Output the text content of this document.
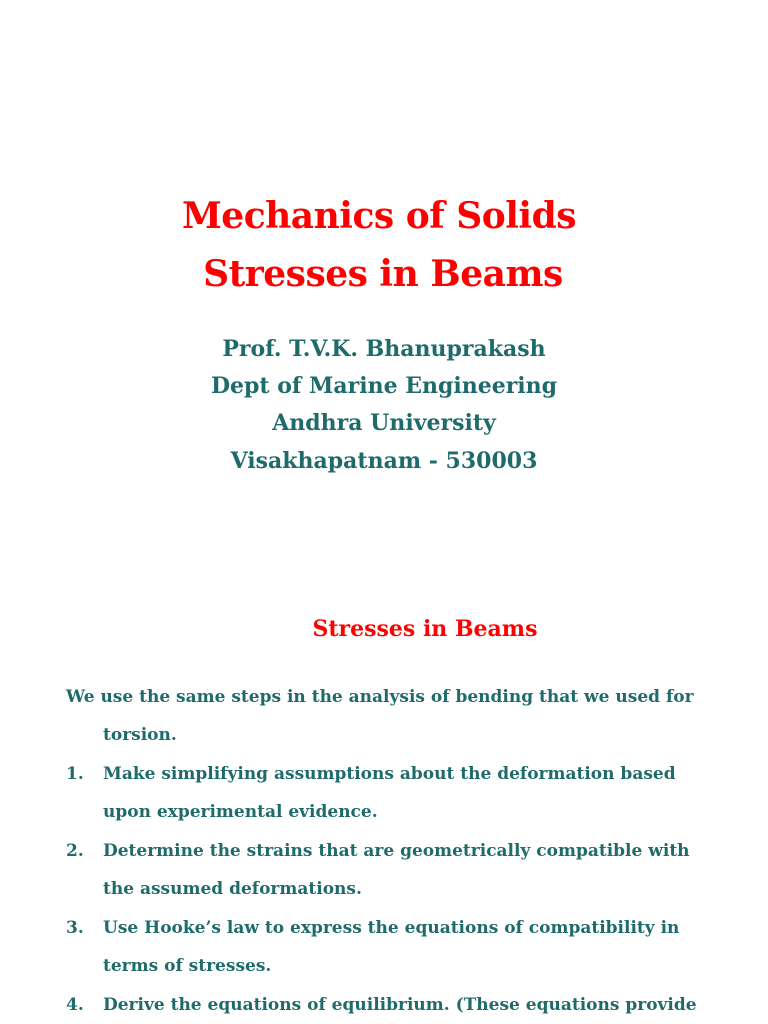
Mechanics of Solids
Stresses in Beams
Prof. T.V.K. Bhanuprakash
Dept of Marine Engineering
Andhra University
Visakhapatnam - 530003
Stresses in Beams
We use the same steps in the analysis of bending that we used for
torsion.
1. Make simplifying assumptions about the deformation based
upon experimental evidence.
2. Determine the strains that are geometrically compatible with
the assumed deformations.
3. Use Hooke’s law to express the equations of compatibility in
terms of stresses.
4. Derive the equations of equilibrium. (These equations provide
